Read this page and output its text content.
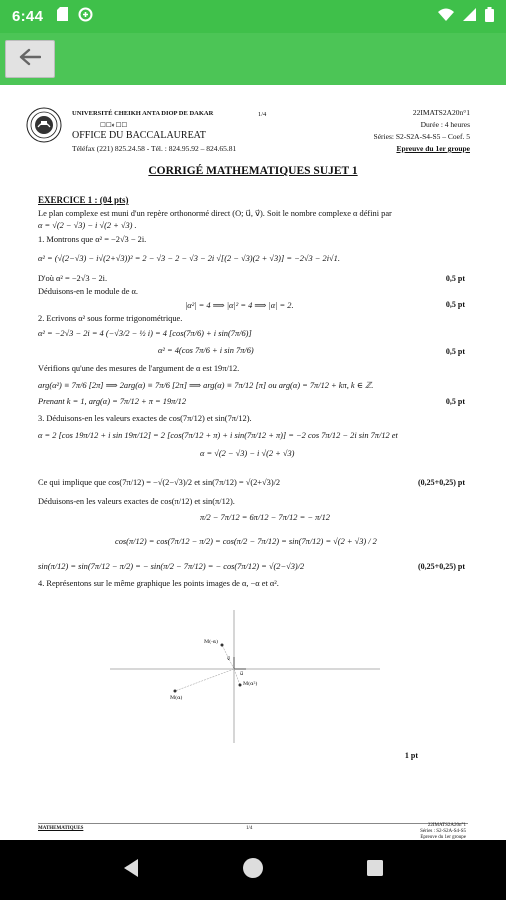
6:44
UNIVERSITÉ CHEIKH ANTA DIOP DE DAKAR
☐☐◐☐☐
OFFICE DU BACCALAUREAT
Téléfax (221) 825.24.58 - Tél. : 824.95.92 – 824.65.81
1/4	22IMATS2A20n°1
Durée : 4 heures
Séries: S2-S2A-S4-S5 – Coef. 5
Epreuve du 1er groupe
CORRIGÉ MATHEMATIQUES SUJET 1
EXERCICE 1 : (04 pts)
Le plan complexe est muni d'un repère orthonormé direct (O; u⃗, v⃗). Soit le nombre complexe α défini par
α = √(2 − √3) − i √(2 + √3) .
1. Montrons que α² = −2√3 − 2i.
α² = (√(2−√3) − i√(2+√3))² = 2 − √3 − 2 − √3 − 2i √[(2 − √3)(2 + √3)] = −2√3 − 2i√1.
D'où α² = −2√3 − 2i.	0,5 pt
Déduisons-en le module de α.
|α²| = 4 ⟹ |α|² = 4 ⟹ |α| = 2.	0,5 pt
2. Ecrivons α² sous forme trigonométrique.
α² = −2√3 − 2i = 4 (−√3/2 − ½ i) = 4 [cos(7π/6) + i sin(7π/6)]
α² = 4(cos 7π/6 + i sin 7π/6)	0,5 pt
Vérifions qu'une des mesures de l'argument de α est 19π/12.
arg(α²) ≡ 7π/6 [2π] ⟹ 2arg(α) ≡ 7π/6 [2π] ⟹ arg(α) ≡ 7π/12 [π] ou arg(α) = 7π/12 + kπ, k ∈ ℤ.
Prenant k = 1, arg(α) = 7π/12 + π = 19π/12	0,5 pt
3. Déduisons-en les valeurs exactes de cos(7π/12) et sin(7π/12).
α = 2 [cos 19π/12 + i sin 19π/12] = 2 [cos(7π/12 + π) + i sin(7π/12 + π)] = −2 cos 7π/12 − 2i sin 7π/12 et
α = √(2 − √3) − i √(2 + √3)
Ce qui implique que cos(7π/12) = −√(2−√3)/2 et sin(7π/12) = √(2+√3)/2	(0,25+0,25) pt
Déduisons-en les valeurs exactes de cos(π/12) et sin(π/12).
π/2 − 7π/12 = 6π/12 − 7π/12 = − π/12
cos(π/12) = cos(7π/12 − π/2) = cos(π/2 − 7π/12) = sin(7π/12) = √(2 + √3) / 2
sin(π/12) = sin(7π/12 − π/2) = − sin(π/2 − 7π/12) = − cos(7π/12) = √(2−√3)/2	(0,25+0,25) pt
4. Représentons sur le même graphique les points images de α, −α et α².
M(-α)
v⃗
u⃗
M(α)
M(α²)
1 pt
MATHEMATIQUES	1/4
22IMATS2A20n°1
Séries : S2-S2A-S4-S5
Epreuve du 1er groupe
